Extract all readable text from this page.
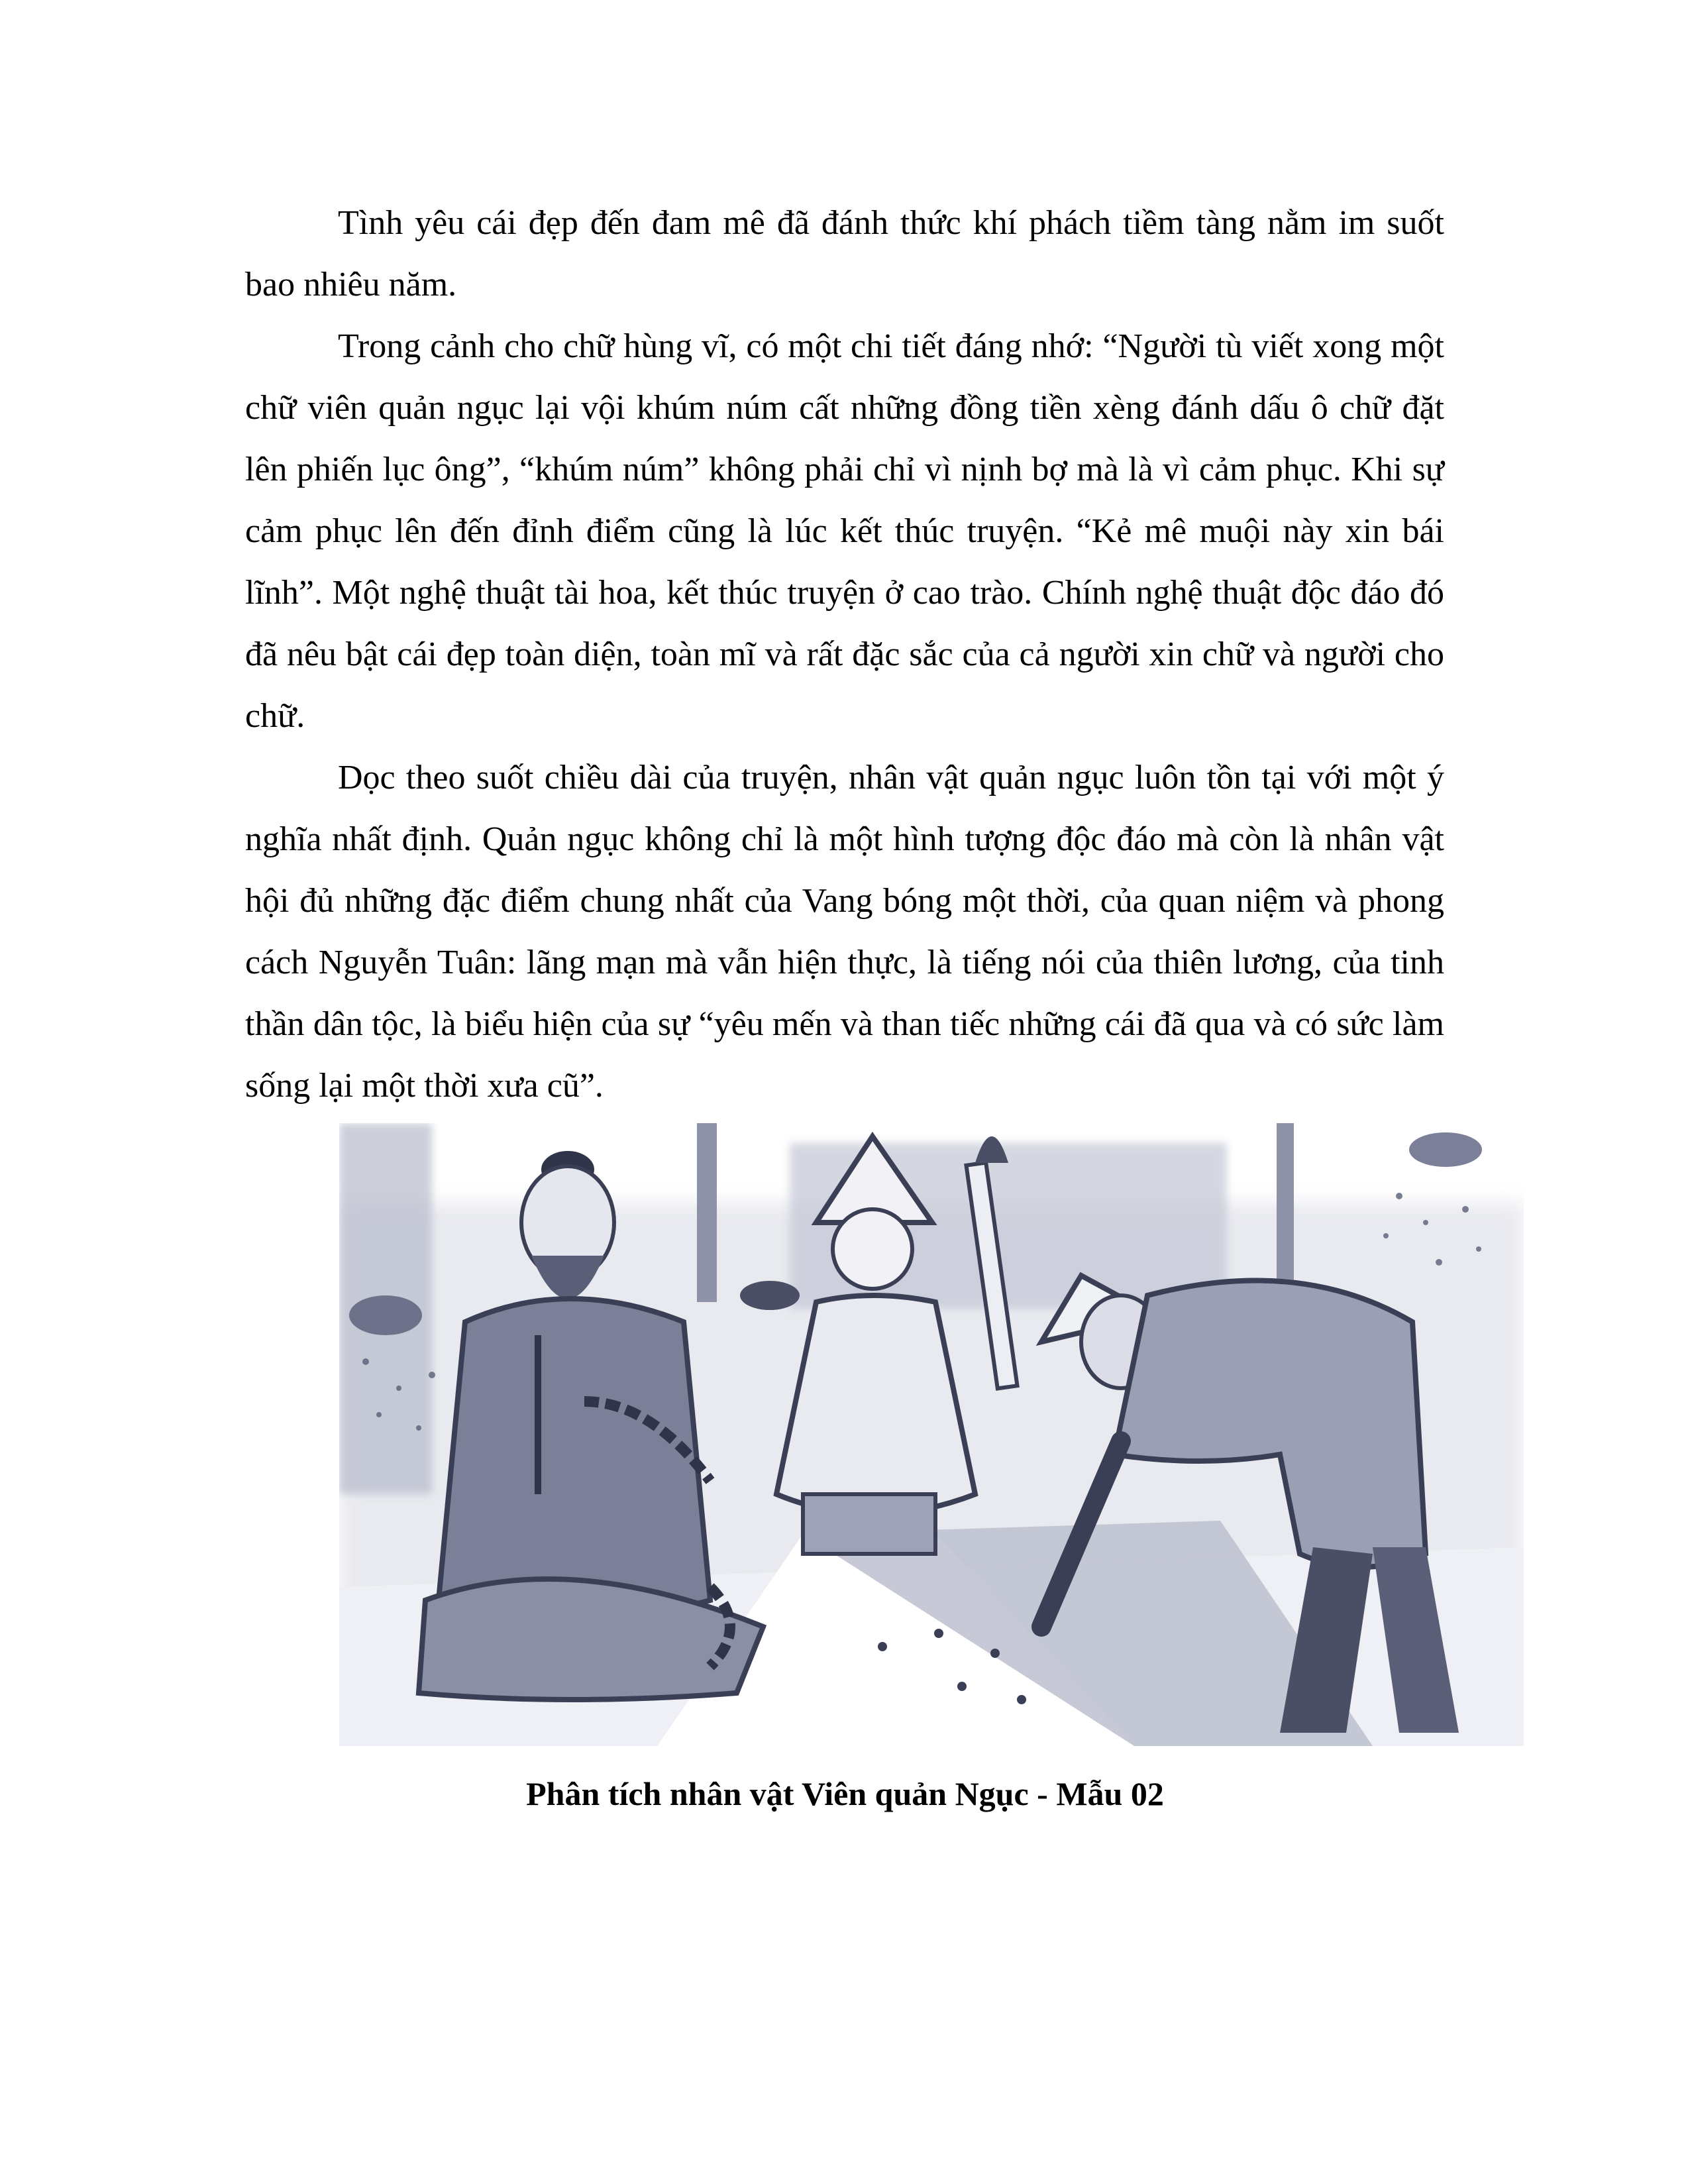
Tình yêu cái đẹp đến đam mê đã đánh thức khí phách tiềm tàng nằm im suốt bao nhiêu năm.

Trong cảnh cho chữ hùng vĩ, có một chi tiết đáng nhớ: “Người tù viết xong một chữ viên quản ngục lại vội khúm núm cất những đồng tiền xèng đánh dấu ô chữ đặt lên phiến lục ông”, “khúm núm” không phải chỉ vì nịnh bợ mà là vì cảm phục. Khi sự cảm phục lên đến đỉnh điểm cũng là lúc kết thúc truyện. “Kẻ mê muội này xin bái lĩnh”. Một nghệ thuật tài hoa, kết thúc truyện ở cao trào. Chính nghệ thuật độc đáo đó đã nêu bật cái đẹp toàn diện, toàn mĩ và rất đặc sắc của cả người xin chữ và người cho chữ.

Dọc theo suốt chiều dài của truyện, nhân vật quản ngục luôn tồn tại với một ý nghĩa nhất định. Quản ngục không chỉ là một hình tượng độc đáo mà còn là nhân vật hội đủ những đặc điểm chung nhất của Vang bóng một thời, của quan niệm và phong cách Nguyễn Tuân: lãng mạn mà vẫn hiện thực, là tiếng nói của thiên lương, của tinh thần dân tộc, là biểu hiện của sự “yêu mến và than tiếc những cái đã qua và có sức làm sống lại một thời xưa cũ”.

Phân tích nhân vật Viên quản Ngục - Mẫu 02
